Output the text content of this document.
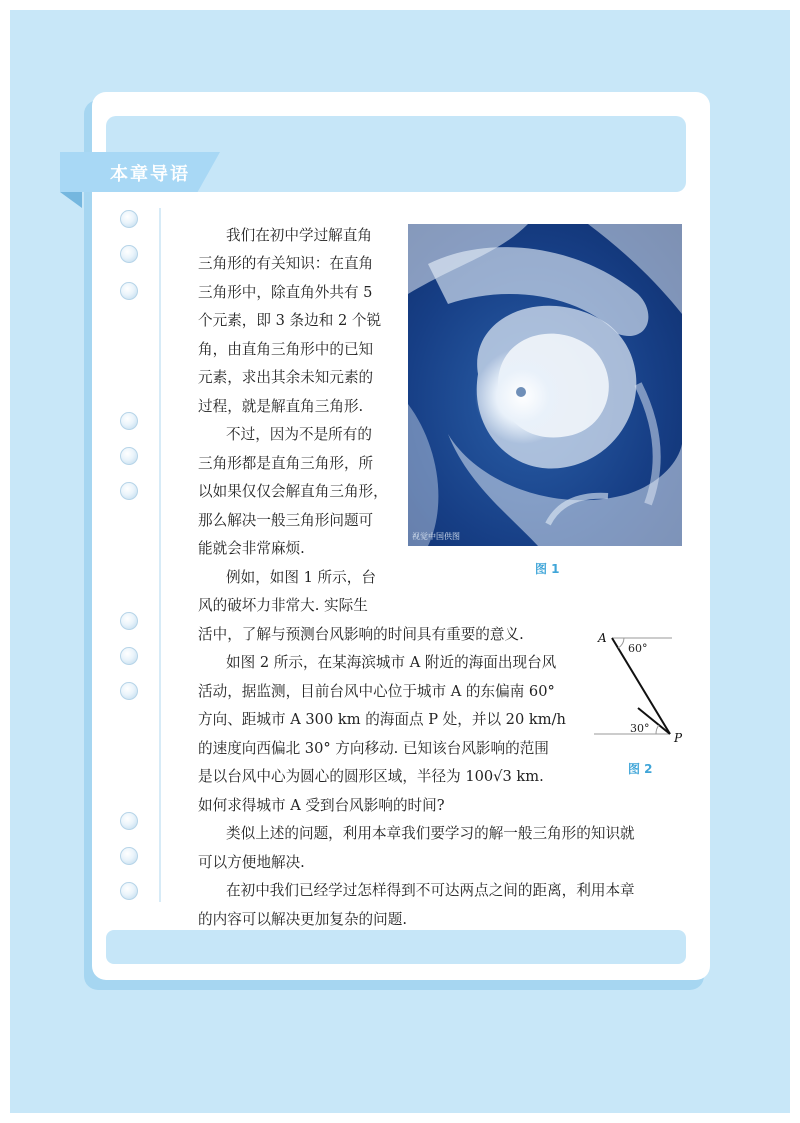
本章导语
我们在初中学过解直角
三角形的有关知识：在直角
三角形中，除直角外共有 5
个元素，即 3 条边和 2 个锐
角，由直角三角形中的已知
元素，求出其余未知元素的
过程，就是解直角三角形.
不过，因为不是所有的
三角形都是直角三角形，所
以如果仅仅会解直角三角形，
那么解决一般三角形问题可
能就会非常麻烦.
例如，如图 1 所示，台
风的破坏力非常大. 实际生
活中，了解与预测台风影响的时间具有重要的意义.
如图 2 所示，在某海滨城市 A 附近的海面出现台风
活动，据监测，目前台风中心位于城市 A 的东偏南 60°
方向、距城市 A 300 km 的海面点 P 处，并以 20 km/h
的速度向西偏北 30° 方向移动. 已知该台风影响的范围
是以台风中心为圆心的圆形区域，半径为 100√3 km.
如何求得城市 A 受到台风影响的时间?
类似上述的问题，利用本章我们要学习的解一般三角形的知识就
可以方便地解决.
在初中我们已经学过怎样得到不可达两点之间的距离，利用本章
的内容可以解决更加复杂的问题.
视觉中国供图
图 1
A
P
60°
30°
图 2
